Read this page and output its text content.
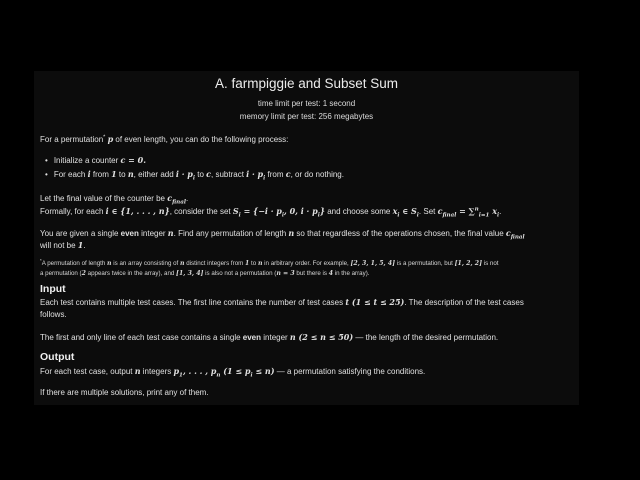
A. farmpiggie and Subset Sum
time limit per test: 1 second
memory limit per test: 256 megabytes
For a permutation* p of even length, you can do the following process:
• Initialize a counter c = 0.
• For each i from 1 to n, either add $i \cdot p_i$ to c, subtract $i \cdot p_i$ from c, or do nothing.
Let the final value of the counter be $c_{final}$.
Formally, for each i ∈ {1, . . . , n}, consider the set $S_i = \{-i \cdot p_i$, 0, $i \cdot p_i$} and choose some $x_i$ ∈ $S_i$. Set $c_{final} = \sum^n_{i=1}$ $x_i$.
You are given a single even integer n. Find any permutation of length n so that regardless of the operations chosen, the final value $c_{final}$
will not be 1.
*A permutation of length n is an array consisting of n distinct integers from 1 to n in arbitrary order. For example, [2, 3, 1, 5, 4] is a permutation, but [1, 2, 2] is not
a permutation (2 appears twice in the array), and [1, 3, 4] is also not a permutation (n = 3 but there is 4 in the array).
Input
Each test contains multiple test cases. The first line contains the number of test cases t (1 ≤ t ≤ 25). The description of the test cases
follows.
The first and only line of each test case contains a single even integer n (2 ≤ n ≤ 50) — the length of the desired permutation.
Output
For each test case, output n integers $p_1$, . . . , $p_n$ $(1 \le p_i \le n)$ — a permutation satisfying the conditions.
If there are multiple solutions, print any of them.
